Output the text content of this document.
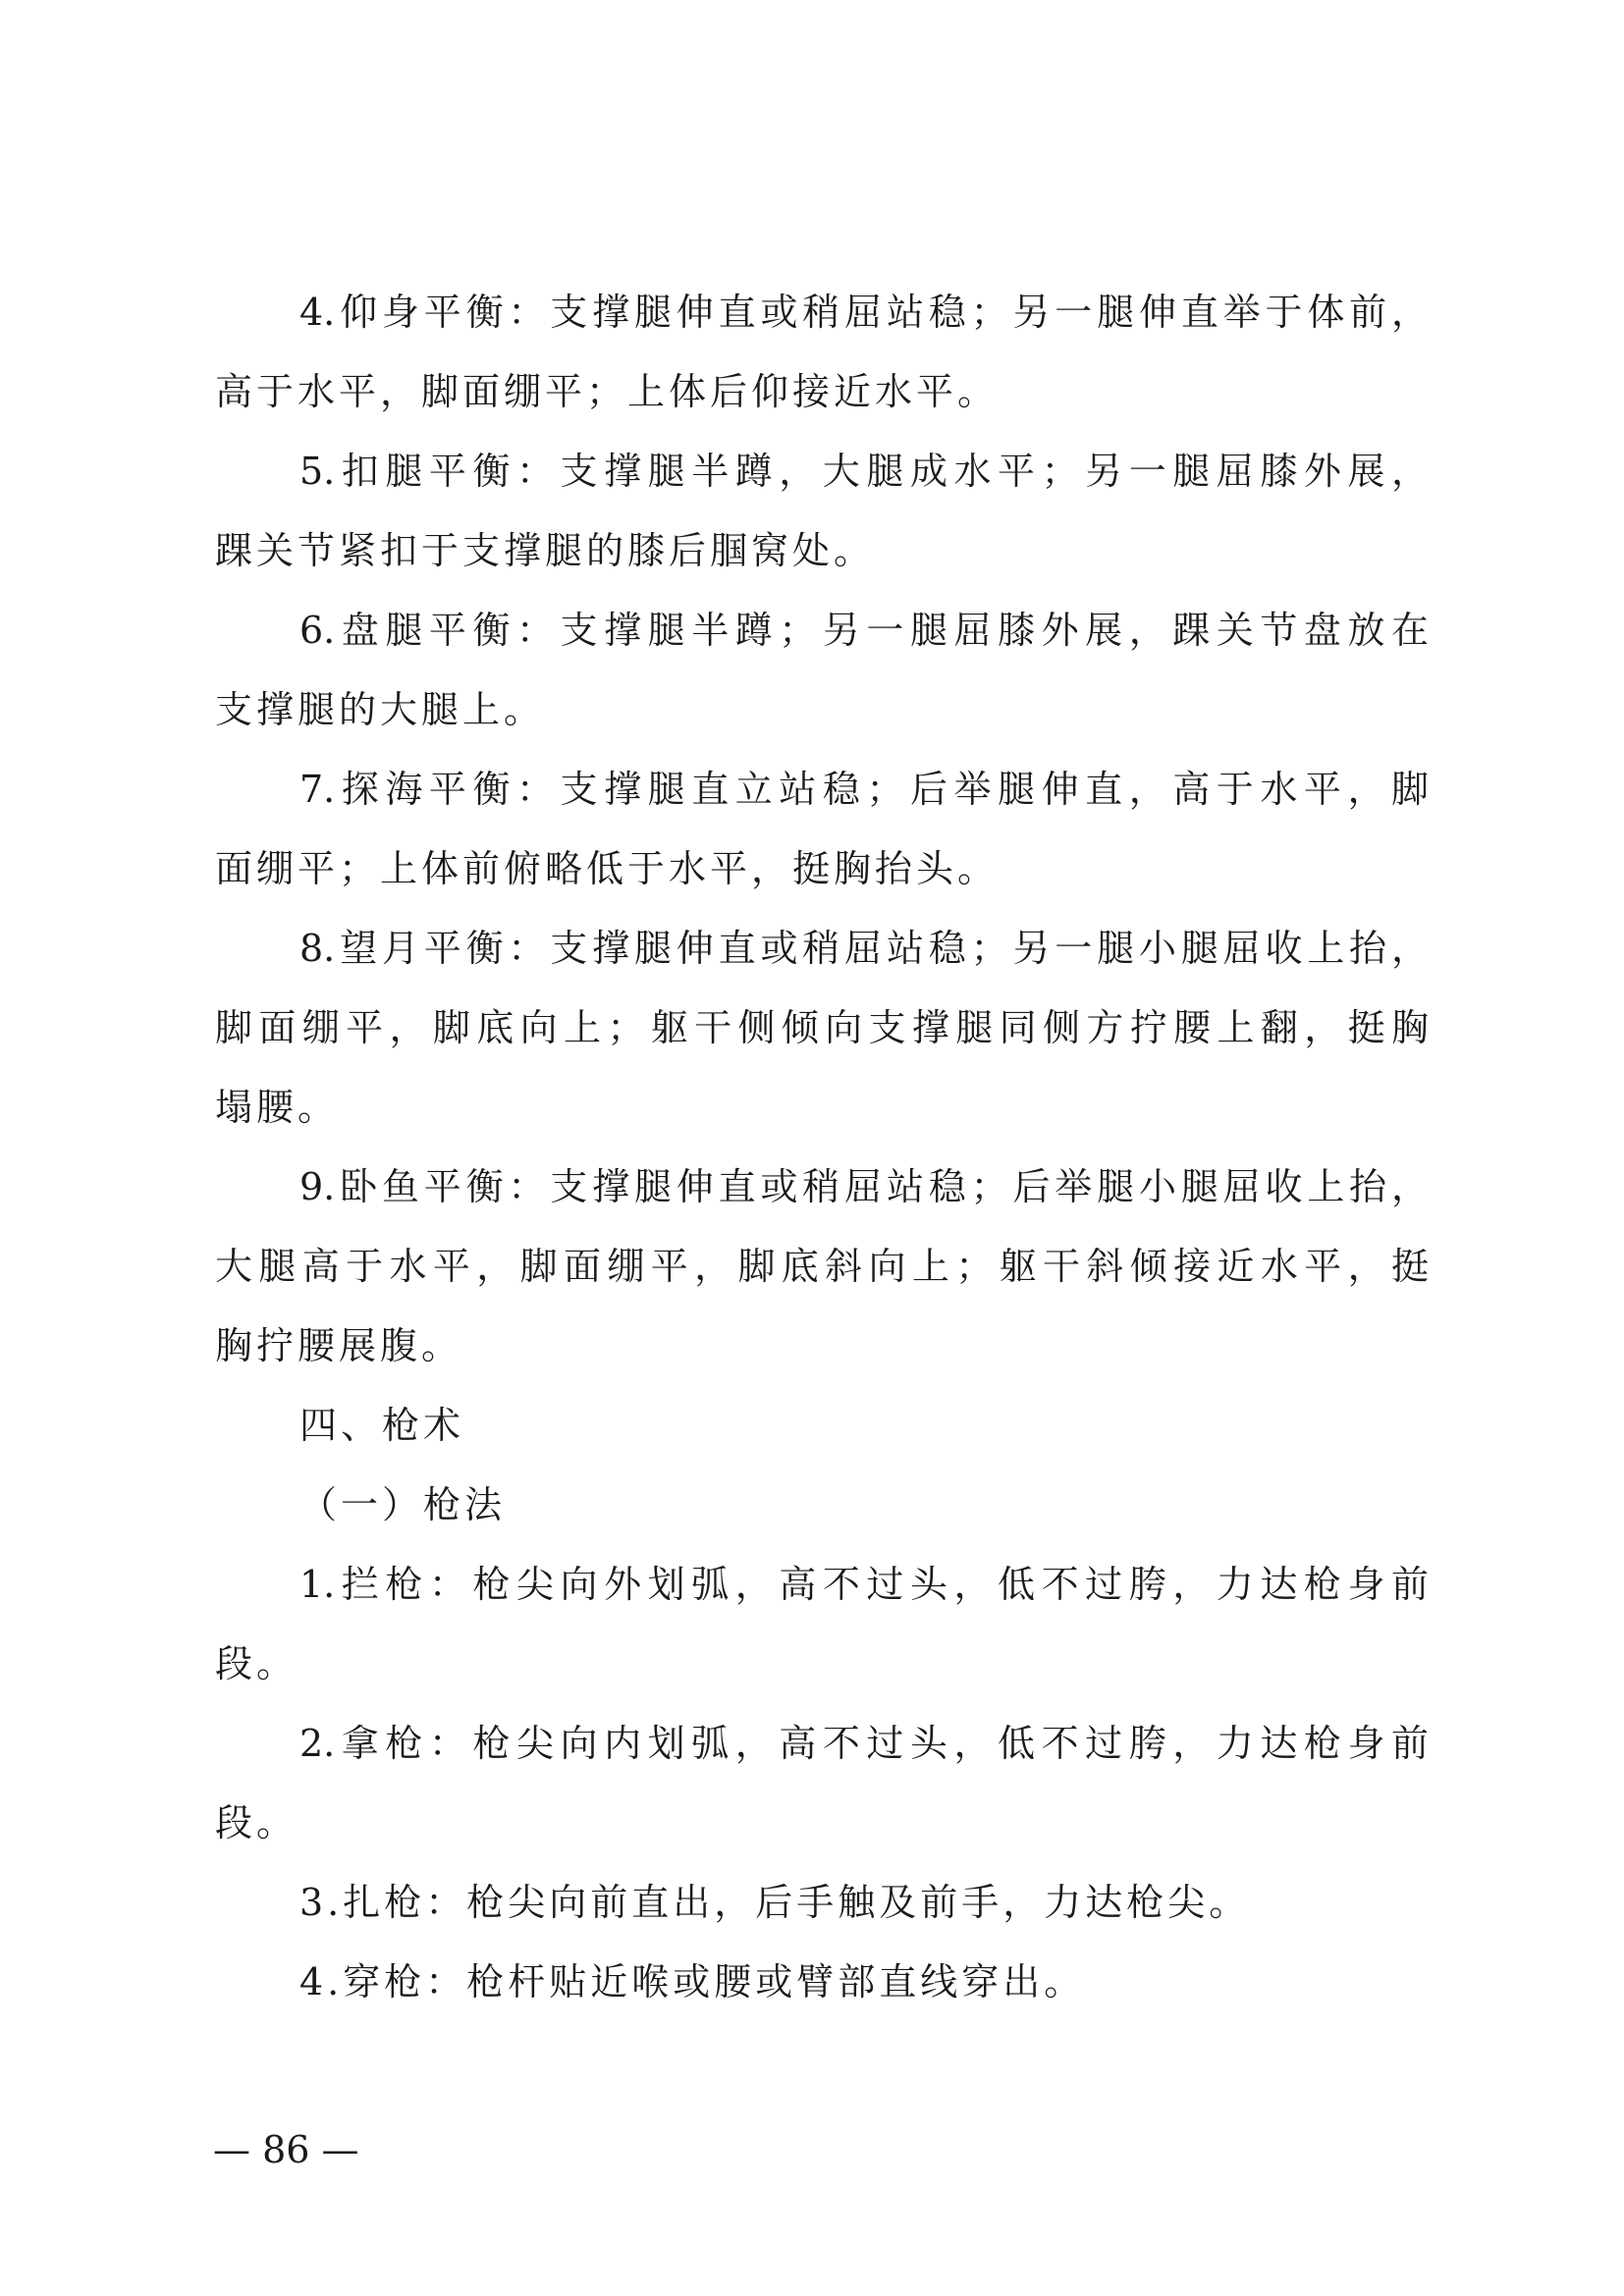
4.仰身平衡：支撑腿伸直或稍屈站稳；另一腿伸直举于体前，
高于水平，脚面绷平；上体后仰接近水平。
5.扣腿平衡：支撑腿半蹲，大腿成水平；另一腿屈膝外展，
踝关节紧扣于支撑腿的膝后腘窝处。
6.盘腿平衡：支撑腿半蹲；另一腿屈膝外展，踝关节盘放在
支撑腿的大腿上。
7.探海平衡：支撑腿直立站稳；后举腿伸直，高于水平，脚
面绷平；上体前俯略低于水平，挺胸抬头。
8.望月平衡：支撑腿伸直或稍屈站稳；另一腿小腿屈收上抬，
脚面绷平，脚底向上；躯干侧倾向支撑腿同侧方拧腰上翻，挺胸
塌腰。
9.卧鱼平衡：支撑腿伸直或稍屈站稳；后举腿小腿屈收上抬，
大腿高于水平，脚面绷平，脚底斜向上；躯干斜倾接近水平，挺
胸拧腰展腹。
四、枪术
（一）枪法
1.拦枪：枪尖向外划弧，高不过头，低不过胯，力达枪身前
段。
2.拿枪：枪尖向内划弧，高不过头，低不过胯，力达枪身前
段。
3.扎枪：枪尖向前直出，后手触及前手，力达枪尖。
4.穿枪：枪杆贴近喉或腰或臂部直线穿出。
— 86 —
